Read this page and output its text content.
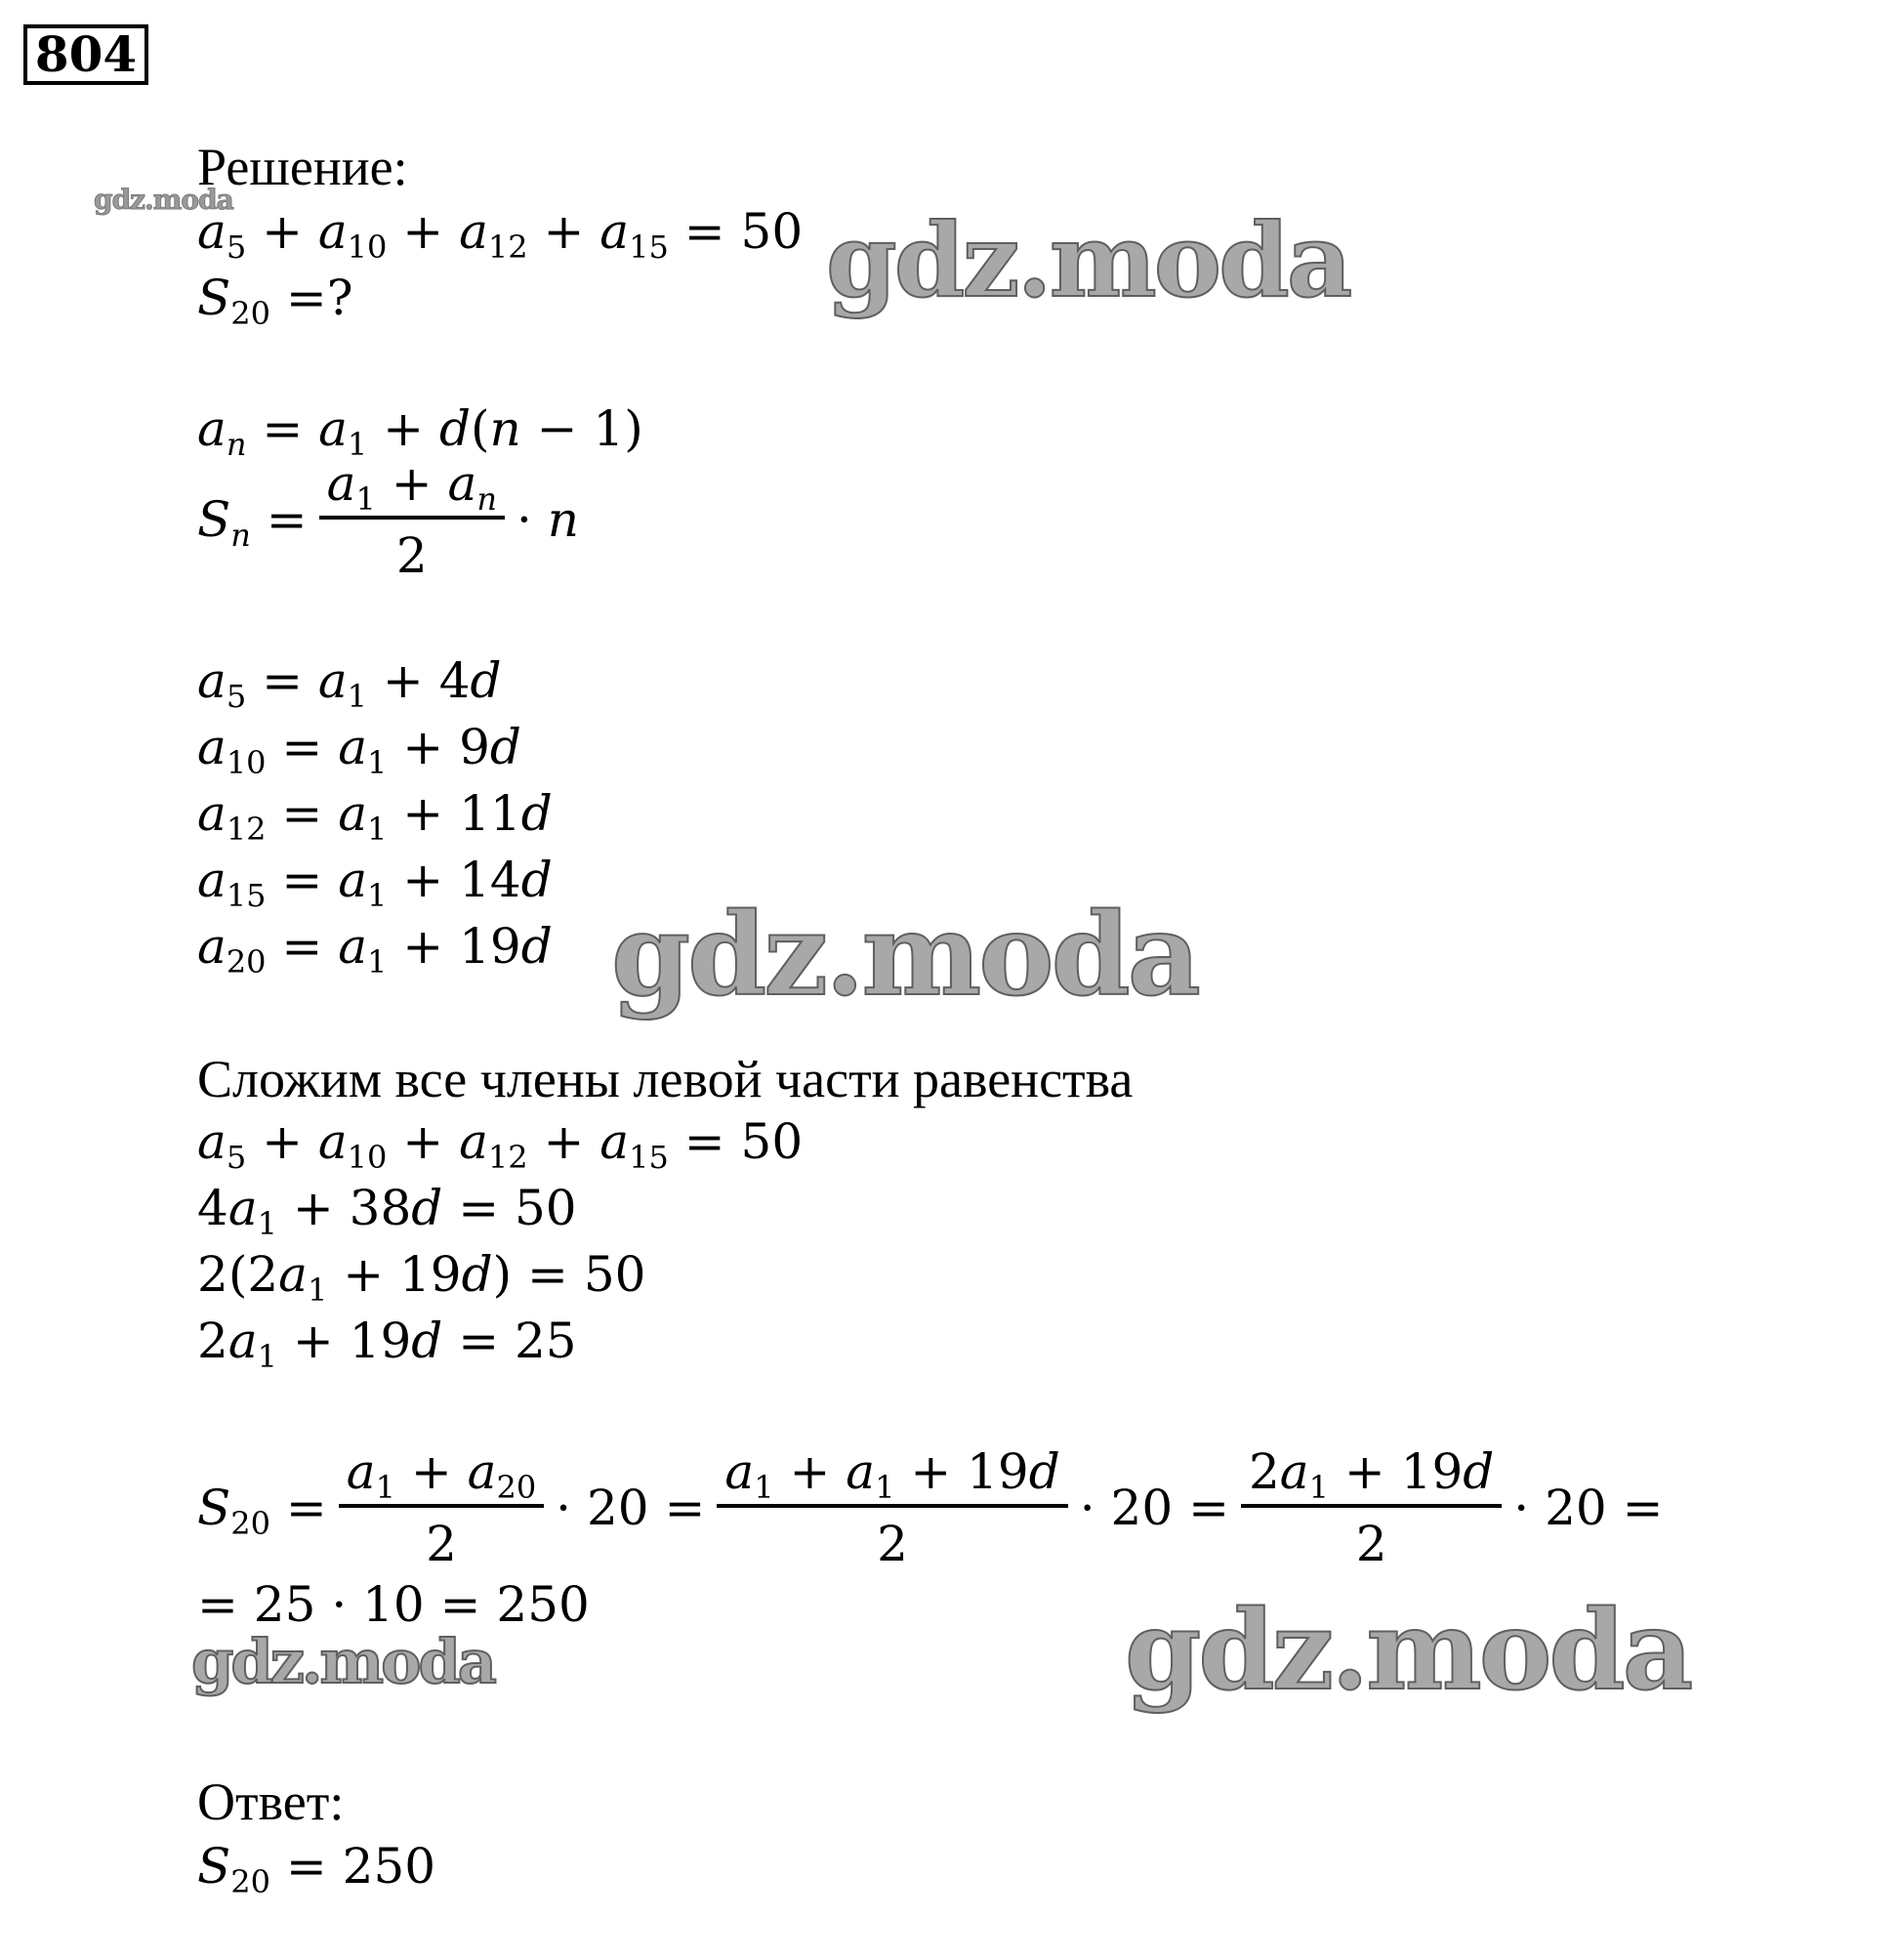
804
gdz.moda
gdz.moda
gdz.moda
gdz.moda	gdz.moda

Решение:

$a_5 + a_{10} + a_{12} + a_{15} = 50$

$S_{20}$ =?

$a_n = a_1 + d$ ( n − 1 )

$S_n = \frac{a_1 + a_n}{2} \cdot n$

$a_5 = a_1 + 4$ d

$a_{10} = a_1 + 9$ d

$a_{12} = a_1 + 11$ d

$a_{15} = a_1 + 14$ d

$a_{20} = a_1 + 19$ d

Сложим все члены левой части равенства

$a_5 + a_{10} + a_{12} + a_{15} = 50$

4 $a_1 + 38$ d = 50

2 ( 2 $a_1 + 19$ d ) = 50

2 $a_1 + 19$ d = 25

$S_{20} = \frac{a_1 + a_{20}}{2} \cdot 20 = \frac{a_1 + a_1 + 19d}{2} \cdot 20 = \frac{2a_1 + 19d}{2} \cdot 20$ =

= 25 · 10 = 250

Ответ:

$S_{20} = 250$
